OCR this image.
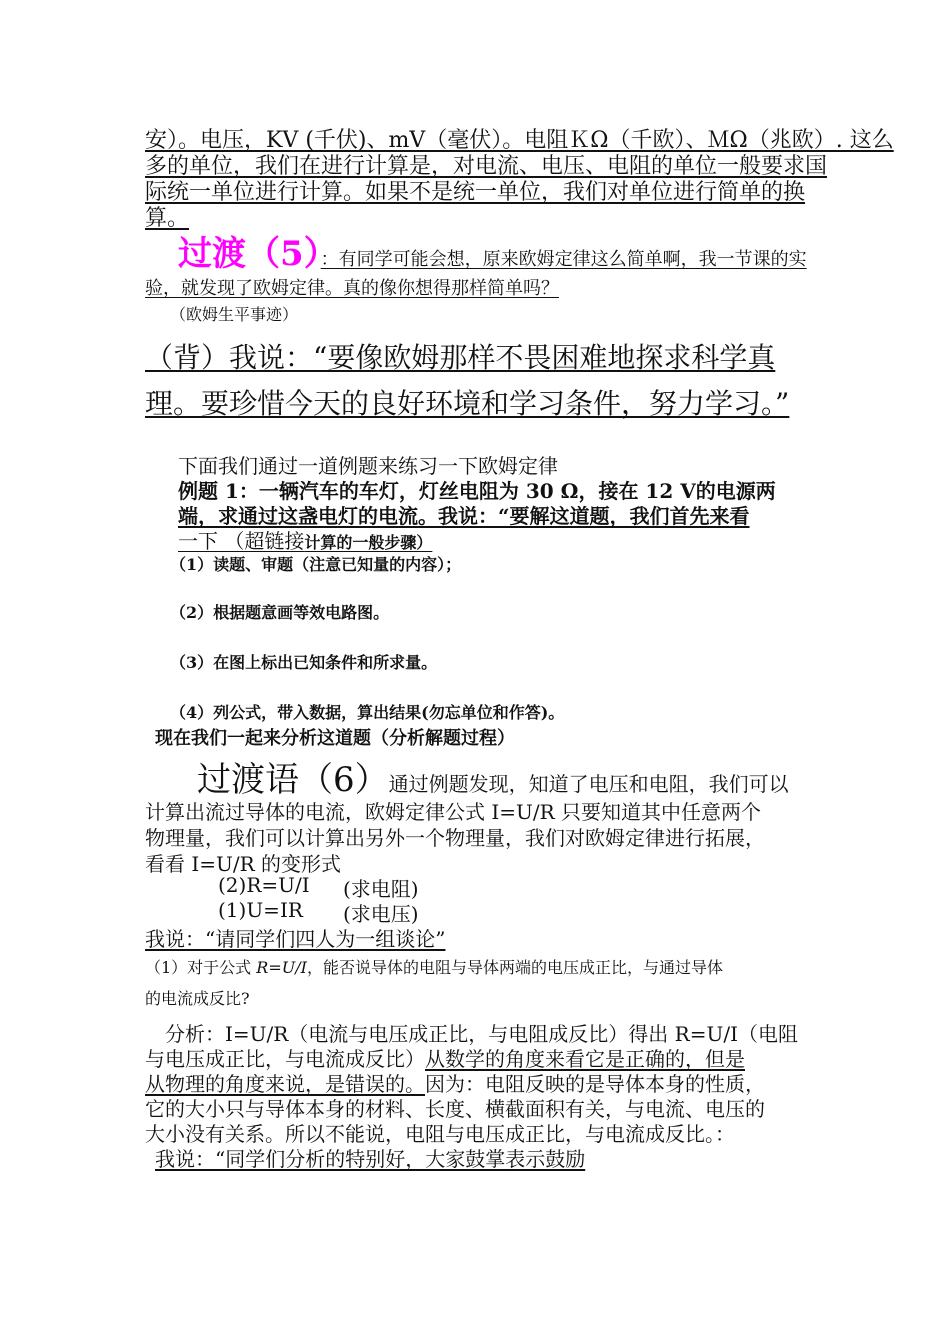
安）。电压，KV (千伏)、mV（毫伏）。电阻ＫΩ（千欧）、ＭΩ（兆欧）. 这么
多的单位，我们在进行计算是，对电流、电压、电阻的单位一般要求国
际统一单位进行计算。如果不是统一单位，我们对单位进行简单的换
算。
过渡（5）：有同学可能会想，原来欧姆定律这么简单啊，我一节课的实
验，就发现了欧姆定律。真的像你想得那样简单吗？
（欧姆生平事迹）
（背）我说：“要像欧姆那样不畏困难地探求科学真
理。要珍惜今天的良好环境和学习条件，努力学习。”
下面我们通过一道例题来练习一下欧姆定律
例题 1：一辆汽车的车灯，灯丝电阻为 30 Ω，接在 12 V的电源两
端，求通过这盏电灯的电流。我说：“要解这道题，我们首先来看
一下 （超链接计算的一般步骤）
（1）读题、审题（注意已知量的内容）；
（2）根据题意画等效电路图。
（3）在图上标出已知条件和所求量。
（4）列公式，带入数据，算出结果(勿忘单位和作答)。
现在我们一起来分析这道题（分析解题过程）
过渡语（6）通过例题发现，知道了电压和电阻，我们可以
计算出流过导体的电流，欧姆定律公式 I=U/R 只要知道其中任意两个
物理量，我们可以计算出另外一个物理量，我们对欧姆定律进行拓展，
看看 I=U/R 的变形式
(2)R=U/I (求电阻)
(1)U=IR (求电压)
我说：“请同学们四人为一组谈论”
（1）对于公式 R=U/I，能否说导体的电阻与导体两端的电压成正比，与通过导体
的电流成反比?
分析：I=U/R（电流与电压成正比，与电阻成反比）得出 R=U/I（电阻
与电压成正比，与电流成反比）从数学的角度来看它是正确的，但是
从物理的角度来说，是错误的。因为：电阻反映的是导体本身的性质，
它的大小只与导体本身的材料、长度、横截面积有关，与电流、电压的
大小没有关系。所以不能说，电阻与电压成正比，与电流成反比。：
我说：“同学们分析的特别好，大家鼓掌表示鼓励
